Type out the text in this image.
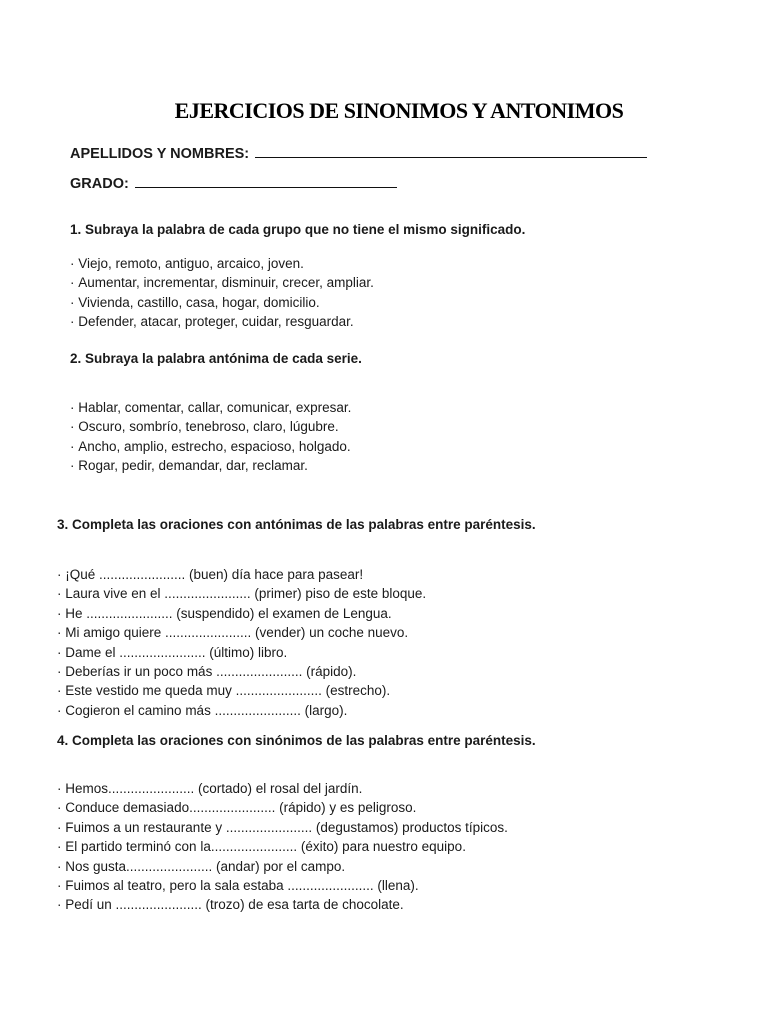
EJERCICIOS DE SINONIMOS Y ANTONIMOS
APELLIDOS Y NOMBRES:
GRADO:
1. Subraya la palabra de cada grupo que no tiene el mismo significado.
· Viejo, remoto, antiguo, arcaico, joven.
· Aumentar, incrementar, disminuir, crecer, ampliar.
· Vivienda, castillo, casa, hogar, domicilio.
· Defender, atacar, proteger, cuidar, resguardar.
2. Subraya la palabra antónima de cada serie.
· Hablar, comentar, callar, comunicar, expresar.
· Oscuro, sombrío, tenebroso, claro, lúgubre.
· Ancho, amplio, estrecho, espacioso, holgado.
· Rogar, pedir, demandar, dar, reclamar.
3. Completa las oraciones con antónimas de las palabras entre paréntesis.
· ¡Qué ....................... (buen) día hace para pasear!
· Laura vive en el ....................... (primer) piso de este bloque.
· He ....................... (suspendido) el examen de Lengua.
· Mi amigo quiere ....................... (vender) un coche nuevo.
· Dame el ....................... (último) libro.
· Deberías ir un poco más ....................... (rápido).
· Este vestido me queda muy ....................... (estrecho).
· Cogieron el camino más ....................... (largo).
4. Completa las oraciones con sinónimos de las palabras entre paréntesis.
· Hemos....................... (cortado) el rosal del jardín.
· Conduce demasiado....................... (rápido) y es peligroso.
· Fuimos a un restaurante y ....................... (degustamos) productos típicos.
· El partido terminó con la....................... (éxito) para nuestro equipo.
· Nos gusta....................... (andar) por el campo.
· Fuimos al teatro, pero la sala estaba ....................... (llena).
· Pedí un ....................... (trozo) de esa tarta de chocolate.
